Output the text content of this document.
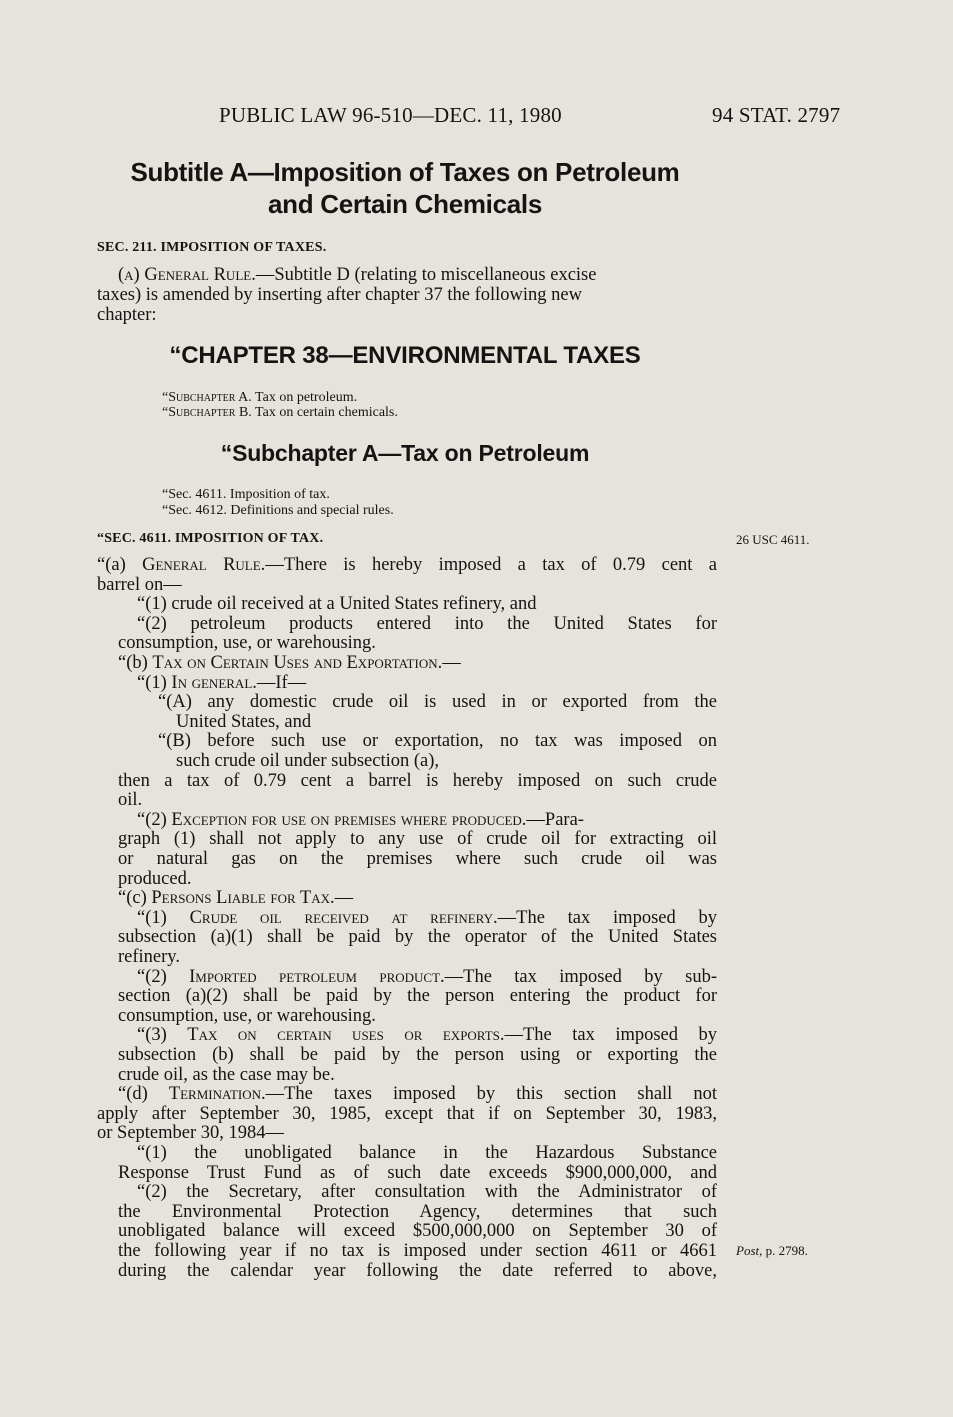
PUBLIC LAW 96-510—DEC. 11, 1980	94 STAT. 2797
Subtitle A—Imposition of Taxes on Petroleum
and Certain Chemicals
SEC. 211. IMPOSITION OF TAXES.
(a) General Rule.—Subtitle D (relating to miscellaneous excise
taxes) is amended by inserting after chapter 37 the following new
chapter:
“CHAPTER 38—ENVIRONMENTAL TAXES
“Subchapter A. Tax on petroleum.
“Subchapter B. Tax on certain chemicals.
“Subchapter A—Tax on Petroleum
“Sec. 4611. Imposition of tax.
“Sec. 4612. Definitions and special rules.
“SEC. 4611. IMPOSITION OF TAX.	26 USC 4611.
“(a) General Rule.—There is hereby imposed a tax of 0.79 cent a
barrel on—
“(1) crude oil received at a United States refinery, and
“(2) petroleum products entered into the United States for
consumption, use, or warehousing.
“(b) Tax on Certain Uses and Exportation.—
“(1) In general.—If—
“(A) any domestic crude oil is used in or exported from the
United States, and
“(B) before such use or exportation, no tax was imposed on
such crude oil under subsection (a),
then a tax of 0.79 cent a barrel is hereby imposed on such crude
oil.
“(2) Exception for use on premises where produced.—Para-
graph (1) shall not apply to any use of crude oil for extracting oil
or natural gas on the premises where such crude oil was
produced.
“(c) Persons Liable for Tax.—
“(1) Crude oil received at refinery.—The tax imposed by
subsection (a)(1) shall be paid by the operator of the United States
refinery.
“(2) Imported petroleum product.—The tax imposed by sub-
section (a)(2) shall be paid by the person entering the product for
consumption, use, or warehousing.
“(3) Tax on certain uses or exports.—The tax imposed by
subsection (b) shall be paid by the person using or exporting the
crude oil, as the case may be.
“(d) Termination.—The taxes imposed by this section shall not
apply after September 30, 1985, except that if on September 30, 1983,
or September 30, 1984—
“(1) the unobligated balance in the Hazardous Substance
Response Trust Fund as of such date exceeds $900,000,000, and
“(2) the Secretary, after consultation with the Administrator of
the Environmental Protection Agency, determines that such
unobligated balance will exceed $500,000,000 on September 30 of
the following year if no tax is imposed under section 4611 or 4661
during the calendar year following the date referred to above,
Post, p. 2798.
